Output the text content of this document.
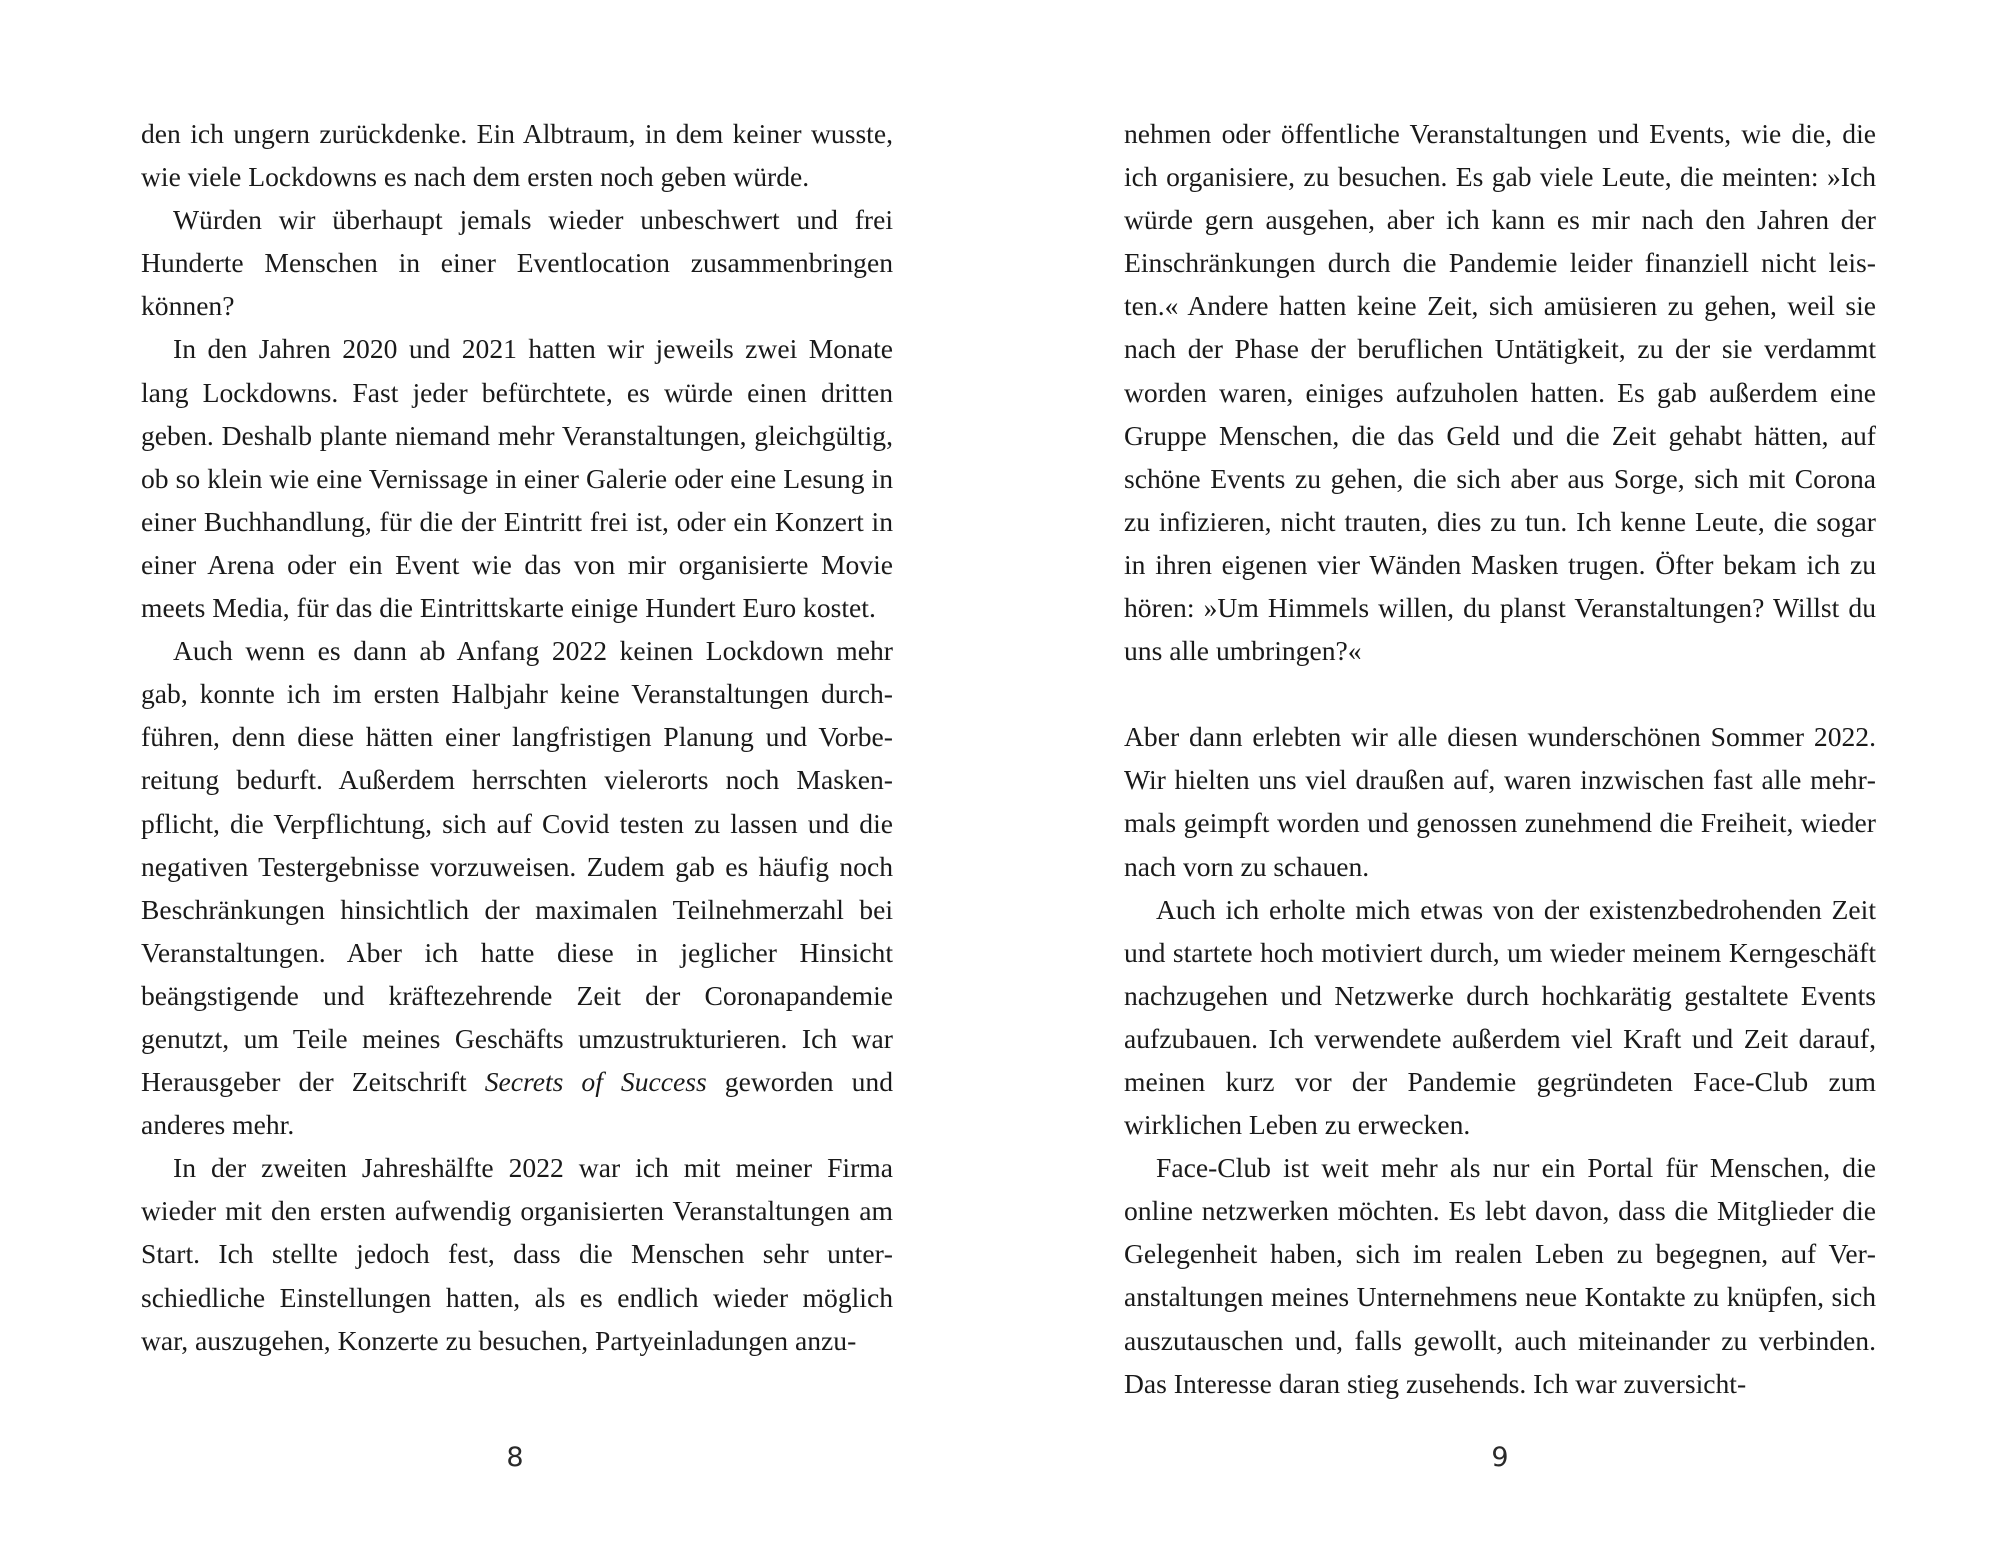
den ich ungern zurückdenke. Ein Albtraum, in dem keiner wusste, wie viele Lockdowns es nach dem ersten noch geben würde.

Würden wir überhaupt jemals wieder unbeschwert und frei Hunderte Menschen in einer Eventlocation zusammenbringen können?

In den Jahren 2020 und 2021 hatten wir jeweils zwei Monate lang Lockdowns. Fast jeder befürchtete, es würde einen dritten geben. Deshalb plante niemand mehr Veranstaltungen, gleichgültig, ob so klein wie eine Vernissage in einer Galerie oder eine Lesung in einer Buchhandlung, für die der Eintritt frei ist, oder ein Konzert in einer Arena oder ein Event wie das von mir organisierte Movie meets Media, für das die Eintrittskarte einige Hundert Euro kostet.

Auch wenn es dann ab Anfang 2022 keinen Lockdown mehr gab, konnte ich im ersten Halbjahr keine Veranstaltungen durchführen, denn diese hätten einer langfristigen Planung und Vorbereitung bedurft. Außerdem herrschten vielerorts noch Maskenpflicht, die Verpflichtung, sich auf Covid testen zu lassen und die negativen Testergebnisse vorzuweisen. Zudem gab es häufig noch Beschränkungen hinsichtlich der maximalen Teilnehmerzahl bei Veranstaltungen. Aber ich hatte diese in jeglicher Hinsicht beängstigende und kräftezehrende Zeit der Coronapandemie genutzt, um Teile meines Geschäfts umzustrukturieren. Ich war Herausgeber der Zeitschrift Secrets of Success geworden und anderes mehr.

In der zweiten Jahreshälfte 2022 war ich mit meiner Firma wieder mit den ersten aufwendig organisierten Veranstaltungen am Start. Ich stellte jedoch fest, dass die Menschen sehr unterschiedliche Einstellungen hatten, als es endlich wieder möglich war, auszugehen, Konzerte zu besuchen, Partyeinladungen anzu-

8

nehmen oder öffentliche Veranstaltungen und Events, wie die, die ich organisiere, zu besuchen. Es gab viele Leute, die meinten: »Ich würde gern ausgehen, aber ich kann es mir nach den Jahren der Einschränkungen durch die Pandemie leider finanziell nicht leisten.« Andere hatten keine Zeit, sich amüsieren zu gehen, weil sie nach der Phase der beruflichen Untätigkeit, zu der sie verdammt worden waren, einiges aufzuholen hatten. Es gab außerdem eine Gruppe Menschen, die das Geld und die Zeit gehabt hätten, auf schöne Events zu gehen, die sich aber aus Sorge, sich mit Corona zu infizieren, nicht trauten, dies zu tun. Ich kenne Leute, die sogar in ihren eigenen vier Wänden Masken trugen. Öfter bekam ich zu hören: »Um Himmels willen, du planst Veranstaltungen? Willst du uns alle umbringen?«

Aber dann erlebten wir alle diesen wunderschönen Sommer 2022. Wir hielten uns viel draußen auf, waren inzwischen fast alle mehrmals geimpft worden und genossen zunehmend die Freiheit, wieder nach vorn zu schauen.

Auch ich erholte mich etwas von der existenzbedrohenden Zeit und startete hoch motiviert durch, um wieder meinem Kerngeschäft nachzugehen und Netzwerke durch hochkarätig gestaltete Events aufzubauen. Ich verwendete außerdem viel Kraft und Zeit darauf, meinen kurz vor der Pandemie gegründeten Face-Club zum wirklichen Leben zu erwecken.

Face-Club ist weit mehr als nur ein Portal für Menschen, die online netzwerken möchten. Es lebt davon, dass die Mitglieder die Gelegenheit haben, sich im realen Leben zu begegnen, auf Veranstaltungen meines Unternehmens neue Kontakte zu knüpfen, sich auszutauschen und, falls gewollt, auch miteinander zu verbinden. Das Interesse daran stieg zusehends. Ich war zuversicht-

9
